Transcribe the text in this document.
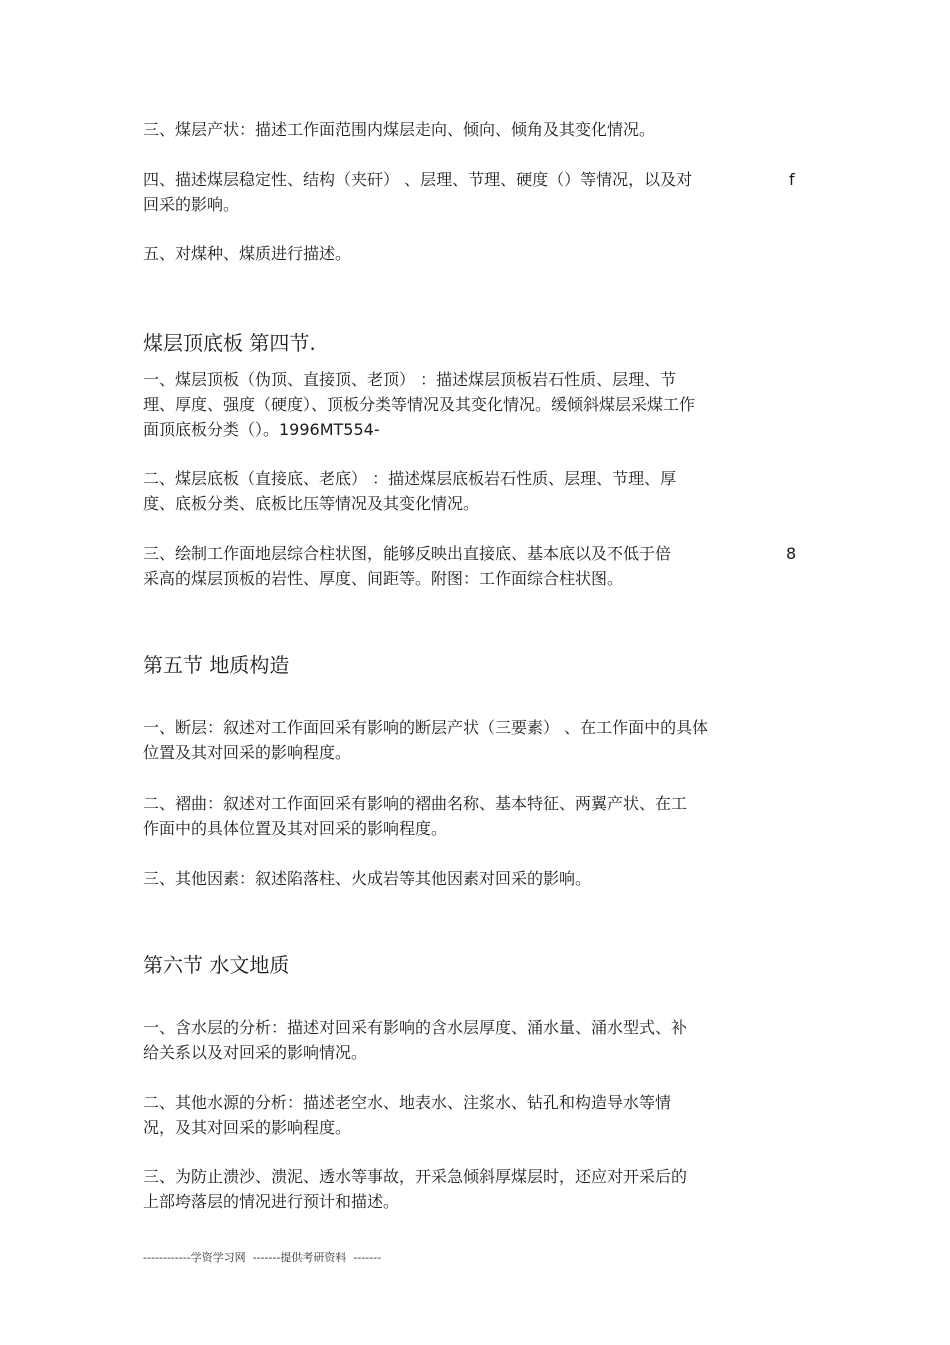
三、煤层产状：描述工作面范围内煤层走向、倾向、倾角及其变化情况。
四、描述煤层稳定性、结构（夹矸） 、层理、节理、硬度（）等情况，以及对	f
回采的影响。
五、对煤种、煤质进行描述。
煤层顶底板 第四节.
一、煤层顶板（伪顶、直接顶、老顶） ：描述煤层顶板岩石性质、层理、节
理、厚度、强度（硬度）、顶板分类等情况及其变化情况。缓倾斜煤层采煤工作
面顶底板分类（）。1996MT554-
二、煤层底板（直接底、老底） ：描述煤层底板岩石性质、层理、节理、厚
度、底板分类、底板比压等情况及其变化情况。
三、绘制工作面地层综合柱状图，能够反映出直接底、基本底以及不低于倍	8
采高的煤层顶板的岩性、厚度、间距等。附图：工作面综合柱状图。
第五节 地质构造
一、断层：叙述对工作面回采有影响的断层产状（三要素） 、在工作面中的具体
位置及其对回采的影响程度。
二、褶曲：叙述对工作面回采有影响的褶曲名称、基本特征、两翼产状、在工
作面中的具体位置及其对回采的影响程度。
三、其他因素：叙述陷落柱、火成岩等其他因素对回采的影响。
第六节 水文地质
一、含水层的分析：描述对回采有影响的含水层厚度、涌水量、涌水型式、补
给关系以及对回采的影响情况。
二、其他水源的分析：描述老空水、地表水、注浆水、钻孔和构造导水等情
况，及其对回采的影响程度。
三、为防止溃沙、溃泥、透水等事故，开采急倾斜厚煤层时，还应对开采后的
上部垮落层的情况进行预计和描述。
------------学资学习网  -------提供考研资料  -------
